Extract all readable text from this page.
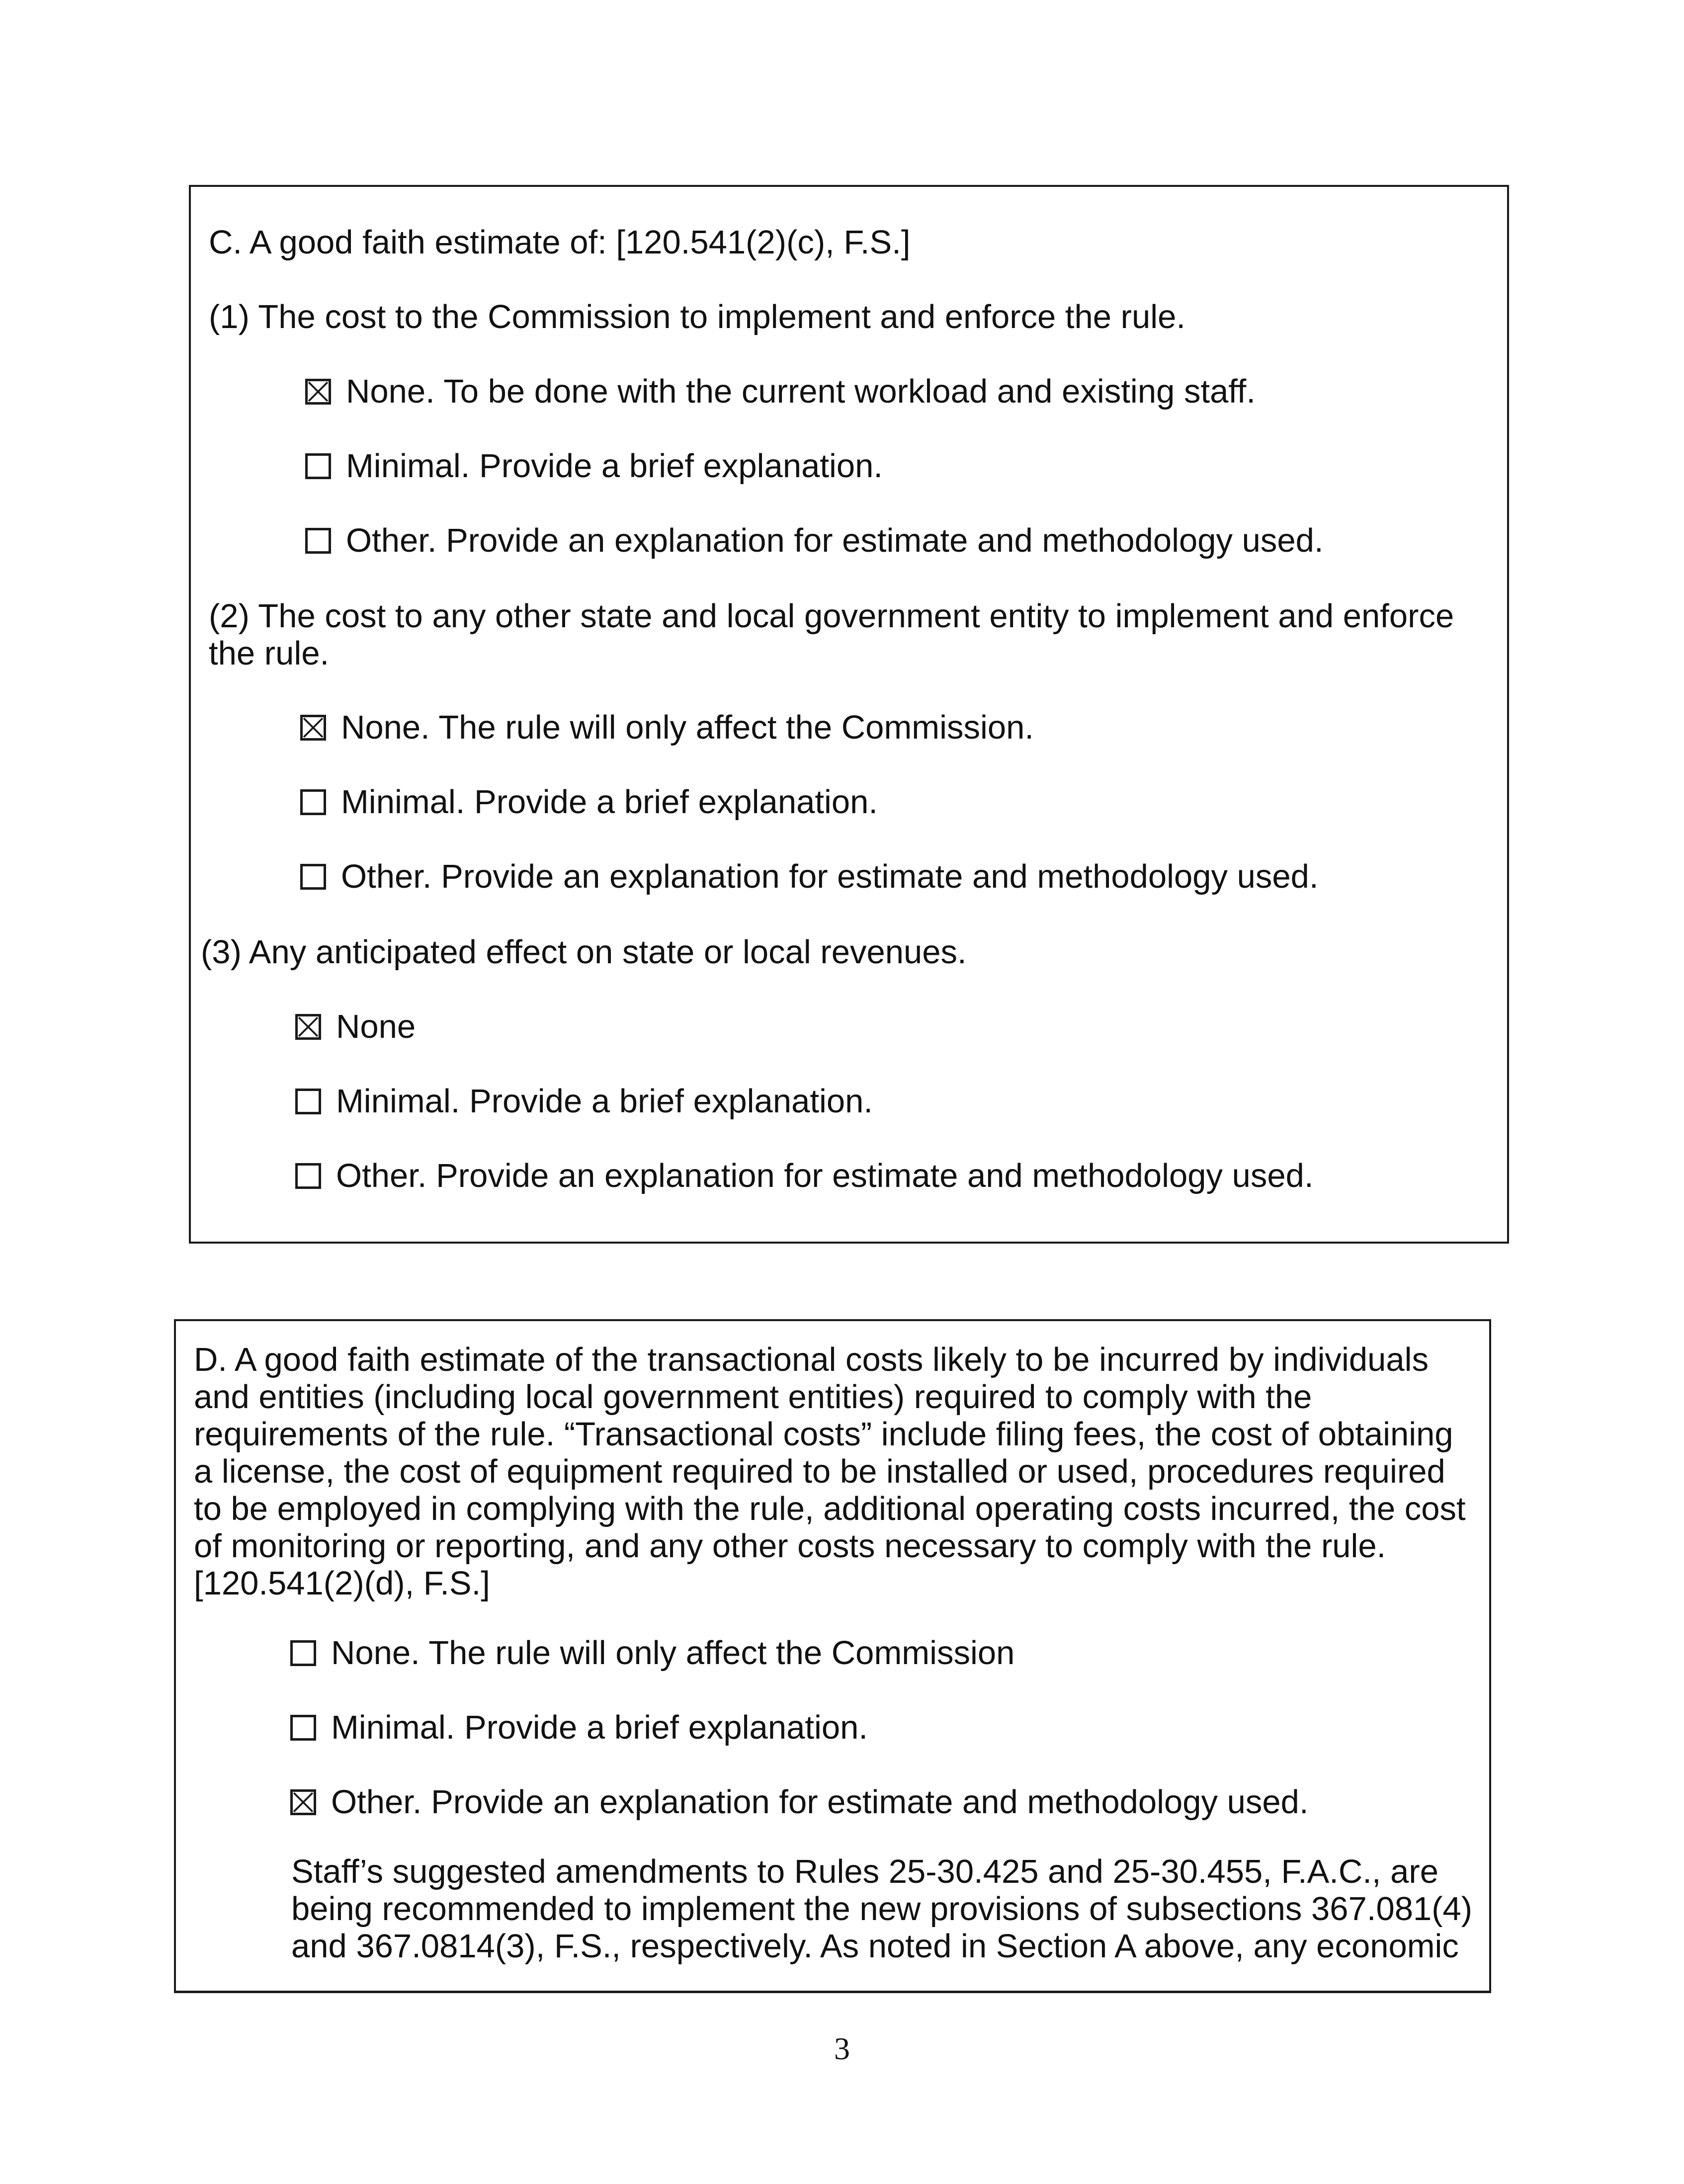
C. A good faith estimate of: [120.541(2)(c), F.S.]

(1) The cost to the Commission to implement and enforce the rule.

None. To be done with the current workload and existing staff.
Minimal. Provide a brief explanation.
Other. Provide an explanation for estimate and methodology used.

(2) The cost to any other state and local government entity to implement and enforce the rule.

None. The rule will only affect the Commission.
Minimal. Provide a brief explanation.
Other. Provide an explanation for estimate and methodology used.

(3) Any anticipated effect on state or local revenues.

None
Minimal. Provide a brief explanation.
Other. Provide an explanation for estimate and methodology used.

D. A good faith estimate of the transactional costs likely to be incurred by individuals and entities (including local government entities) required to comply with the requirements of the rule. “Transactional costs” include filing fees, the cost of obtaining a license, the cost of equipment required to be installed or used, procedures required to be employed in complying with the rule, additional operating costs incurred, the cost of monitoring or reporting, and any other costs necessary to comply with the rule. [120.541(2)(d), F.S.]

None. The rule will only affect the Commission
Minimal. Provide a brief explanation.
Other. Provide an explanation for estimate and methodology used.

Staff’s suggested amendments to Rules 25-30.425 and 25-30.455, F.A.C., are being recommended to implement the new provisions of subsections 367.081(4) and 367.0814(3), F.S., respectively. As noted in Section A above, any economic

3
